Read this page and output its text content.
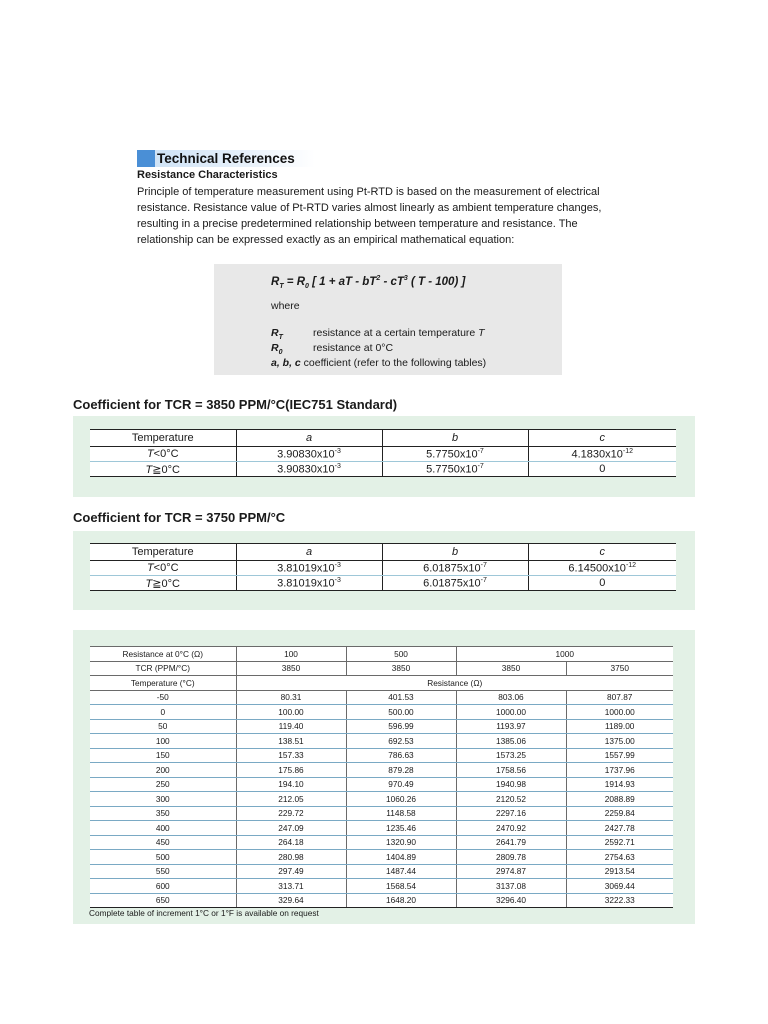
Technical References
Resistance Characteristics
Principle of temperature measurement using Pt-RTD is based on the measurement of electrical
resistance. Resistance value of Pt-RTD varies almost linearly as ambient temperature changes,
resulting in a precise predetermined relationship between temperature and resistance. The
relationship can be expressed exactly as an empirical mathematical equation:
$R_T = R_0$ [ 1 + aT - $bT^2 - cT^3$ ( T - 100) ]
where
$R_T$	resistance at a certain temperature T
$R_0$	resistance at 0°C
a, b, c coefficient (refer to the following tables)
Coefficient for TCR = 3850 PPM/°C(IEC751 Standard)
Temperature	a	b	c
T<0°C	$3.90830x10^{-3}$	$5.7750x10^{-7}$	$4.1830x10^{-12}$
T≧0°C	$3.90830x10^{-3}$	$5.7750x10^{-7}$	0
Coefficient for TCR = 3750 PPM/°C
Temperature	a	b	c
T<0°C	$3.81019x10^{-3}$	$6.01875x10^{-7}$	$6.14500x10^{-12}$
T≧0°C	$3.81019x10^{-3}$	$6.01875x10^{-7}$	0
Resistance at 0°C (Ω)	100	500	1000	
TCR (PPM/°C)	3850	3850	3850	3750
Temperature (°C)	Resistance (Ω)			
-50	80.31	401.53	803.06	807.87
0	100.00	500.00	1000.00	1000.00
50	119.40	596.99	1193.97	1189.00
100	138.51	692.53	1385.06	1375.00
150	157.33	786.63	1573.25	1557.99
200	175.86	879.28	1758.56	1737.96
250	194.10	970.49	1940.98	1914.93
300	212.05	1060.26	2120.52	2088.89
350	229.72	1148.58	2297.16	2259.84
400	247.09	1235.46	2470.92	2427.78
450	264.18	1320.90	2641.79	2592.71
500	280.98	1404.89	2809.78	2754.63
550	297.49	1487.44	2974.87	2913.54
600	313.71	1568.54	3137.08	3069.44
650	329.64	1648.20	3296.40	3222.33
Complete table of increment 1°C or 1°F is available on request
